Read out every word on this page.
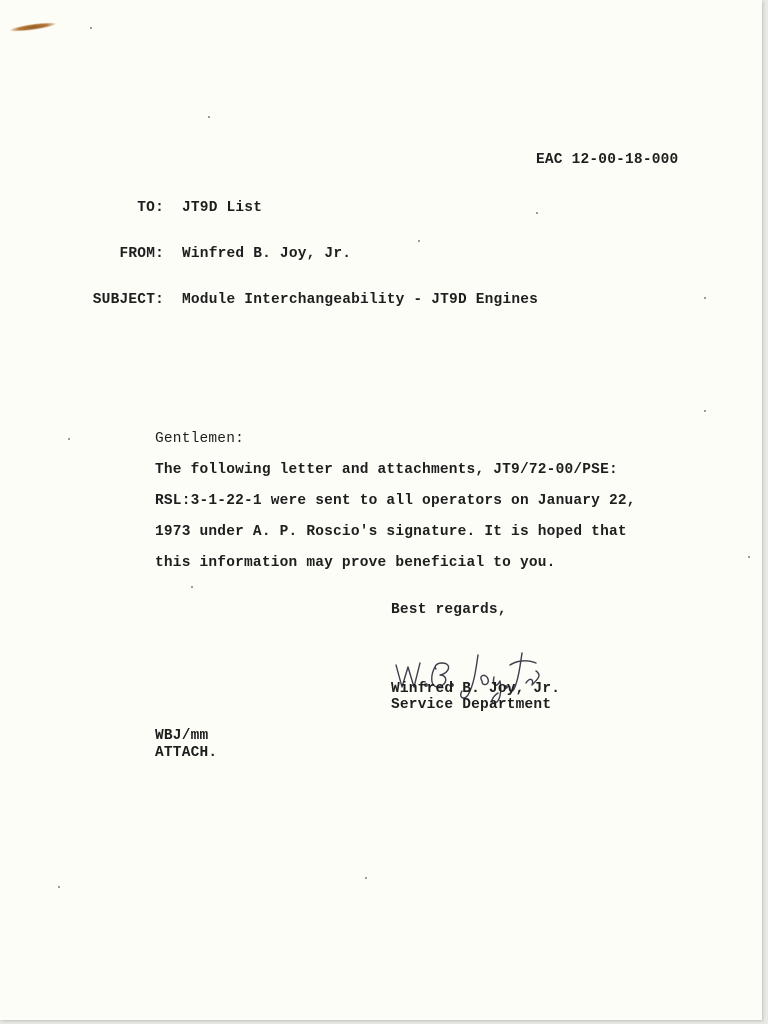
EAC 12-00-18-000
TO: JT9D List
FROM: Winfred B. Joy, Jr.
SUBJECT: Module Interchangeability - JT9D Engines
Gentlemen:
The following letter and attachments, JT9/72-00/PSE:
RSL:3-1-22-1 were sent to all operators on January 22,
1973 under A. P. Roscio's signature. It is hoped that
this information may prove beneficial to you.
Best regards,
Winfred B. Joy, Jr.
Service Department
WBJ/mm
ATTACH.
